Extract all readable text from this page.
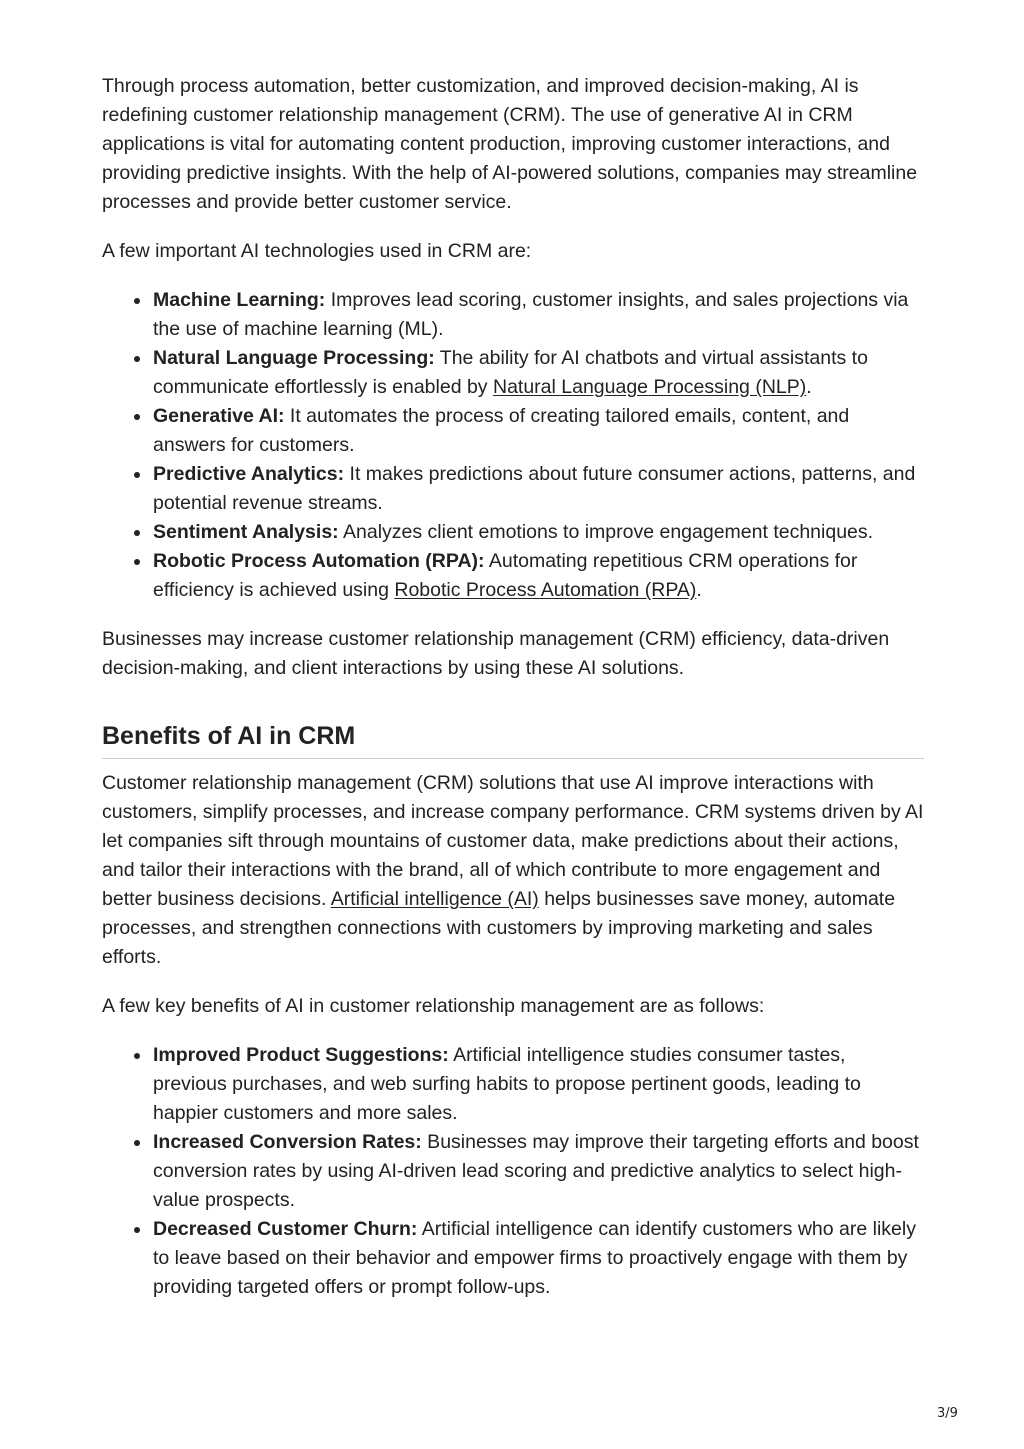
Through process automation, better customization, and improved decision-making, AI is redefining customer relationship management (CRM). The use of generative AI in CRM applications is vital for automating content production, improving customer interactions, and providing predictive insights. With the help of AI-powered solutions, companies may streamline processes and provide better customer service.

A few important AI technologies used in CRM are:

Machine Learning: Improves lead scoring, customer insights, and sales projections via the use of machine learning (ML).
Natural Language Processing: The ability for AI chatbots and virtual assistants to communicate effortlessly is enabled by Natural Language Processing (NLP).
Generative AI: It automates the process of creating tailored emails, content, and answers for customers.
Predictive Analytics: It makes predictions about future consumer actions, patterns, and potential revenue streams.
Sentiment Analysis: Analyzes client emotions to improve engagement techniques.
Robotic Process Automation (RPA): Automating repetitious CRM operations for efficiency is achieved using Robotic Process Automation (RPA).

Businesses may increase customer relationship management (CRM) efficiency, data-driven decision-making, and client interactions by using these AI solutions.

Benefits of AI in CRM

Customer relationship management (CRM) solutions that use AI improve interactions with customers, simplify processes, and increase company performance. CRM systems driven by AI let companies sift through mountains of customer data, make predictions about their actions, and tailor their interactions with the brand, all of which contribute to more engagement and better business decisions. Artificial intelligence (AI) helps businesses save money, automate processes, and strengthen connections with customers by improving marketing and sales efforts.

A few key benefits of AI in customer relationship management are as follows:

Improved Product Suggestions: Artificial intelligence studies consumer tastes, previous purchases, and web surfing habits to propose pertinent goods, leading to happier customers and more sales.
Increased Conversion Rates: Businesses may improve their targeting efforts and boost conversion rates by using AI-driven lead scoring and predictive analytics to select high-value prospects.
Decreased Customer Churn: Artificial intelligence can identify customers who are likely to leave based on their behavior and empower firms to proactively engage with them by providing targeted offers or prompt follow-ups.
3/9
